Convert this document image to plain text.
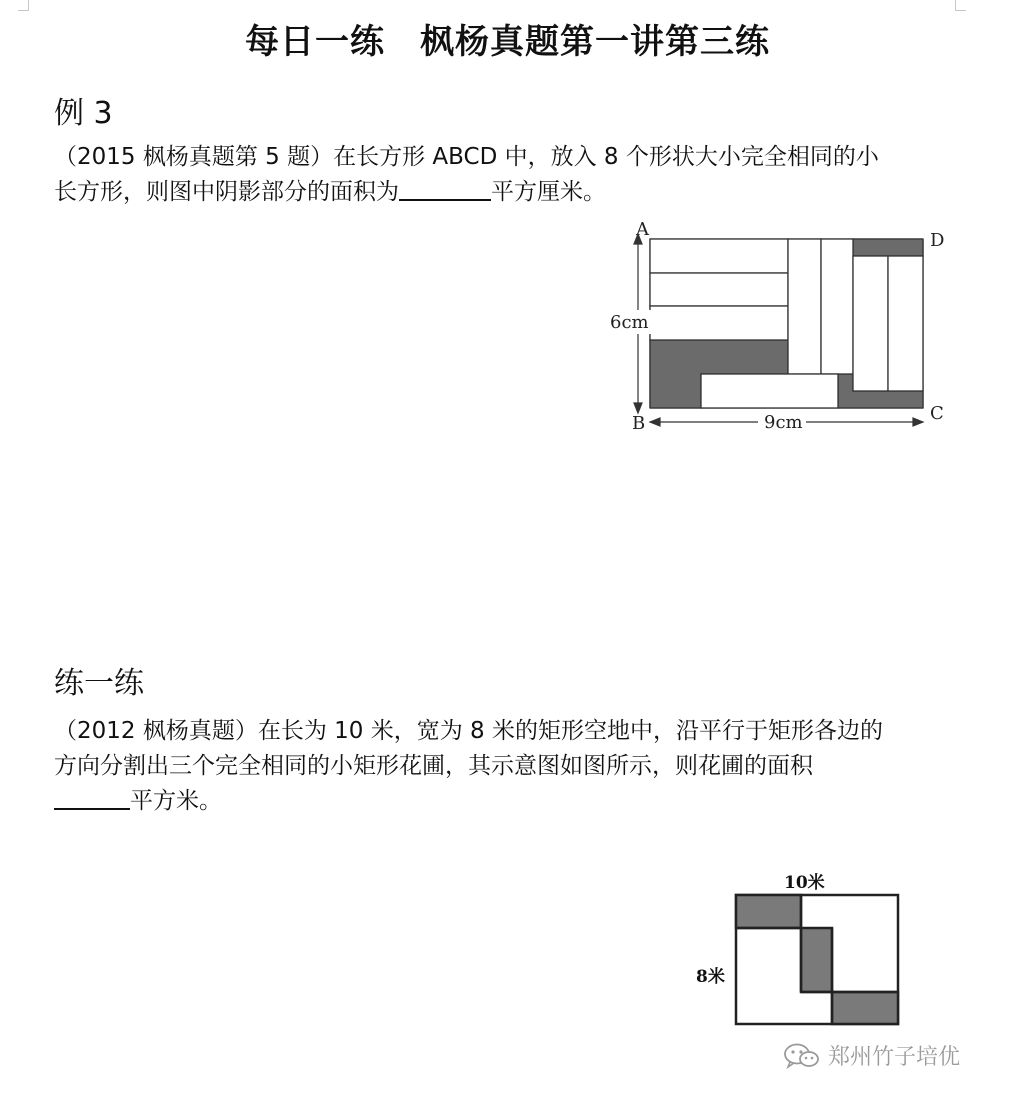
每日一练　枫杨真题第一讲第三练
例 3
（2015 枫杨真题第 5 题）在长方形 ABCD 中，放入 8 个形状大小完全相同的小
长方形，则图中阴影部分的面积为	平方厘米。
A
B	C
D
6cm
9cm
练一练
（2012 枫杨真题）在长为 10 米，宽为 8 米的矩形空地中，沿平行于矩形各边的
方向分割出三个完全相同的小矩形花圃，其示意图如图所示，则花圃的面积
平方米。
10米
8米
郑州竹子培优
